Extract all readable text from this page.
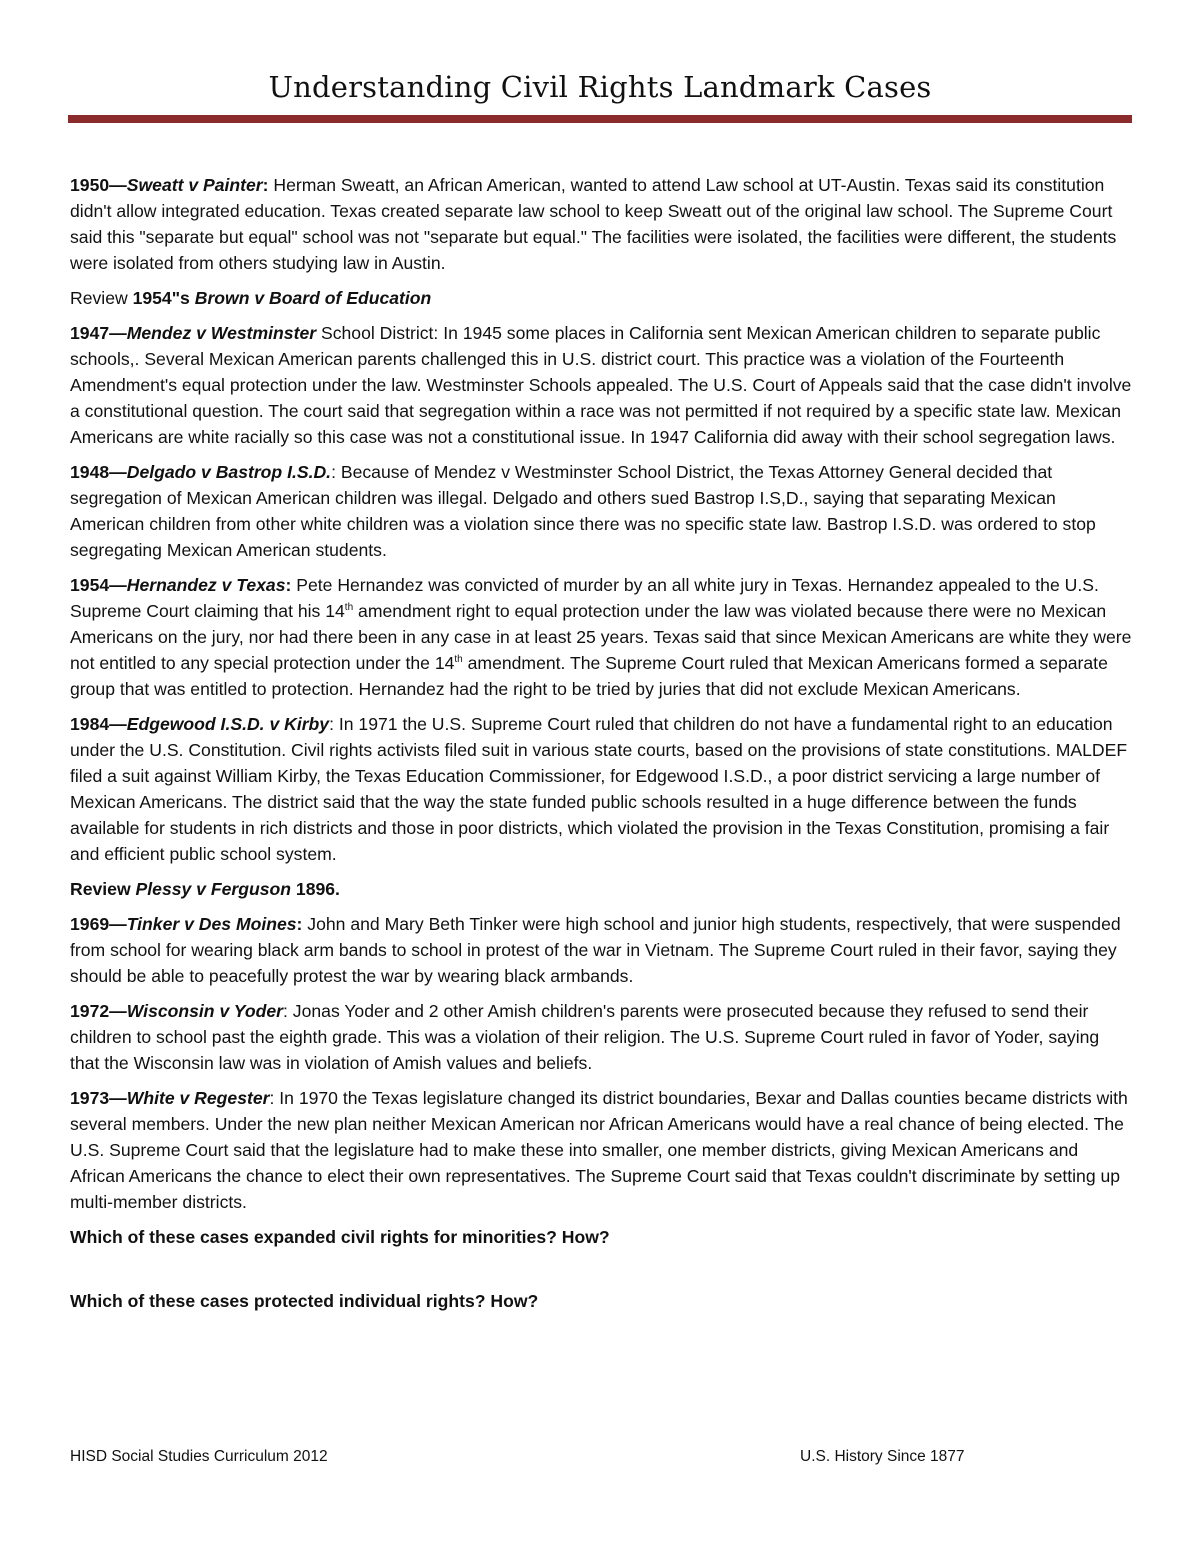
Understanding Civil Rights Landmark Cases

1950—Sweatt v Painter: Herman Sweatt, an African American, wanted to attend Law school at UT-Austin. Texas said its constitution didn't allow integrated education. Texas created separate law school to keep Sweatt out of the original law school. The Supreme Court said this "separate but equal" school was not "separate but equal." The facilities were isolated, the facilities were different, the students were isolated from others studying law in Austin.

Review 1954"s Brown v Board of Education

1947—Mendez v Westminster School District: In 1945 some places in California sent Mexican American children to separate public schools,. Several Mexican American parents challenged this in U.S. district court. This practice was a violation of the Fourteenth Amendment's equal protection under the law. Westminster Schools appealed. The U.S. Court of Appeals said that the case didn't involve a constitutional question. The court said that segregation within a race was not permitted if not required by a specific state law. Mexican Americans are white racially so this case was not a constitutional issue. In 1947 California did away with their school segregation laws.

1948—Delgado v Bastrop I.S.D.: Because of Mendez v Westminster School District, the Texas Attorney General decided that segregation of Mexican American children was illegal. Delgado and others sued Bastrop I.S,D., saying that separating Mexican American children from other white children was a violation since there was no specific state law. Bastrop I.S.D. was ordered to stop segregating Mexican American students.

1954—Hernandez v Texas: Pete Hernandez was convicted of murder by an all white jury in Texas. Hernandez appealed to the U.S. Supreme Court claiming that his 14th amendment right to equal protection under the law was violated because there were no Mexican Americans on the jury, nor had there been in any case in at least 25 years. Texas said that since Mexican Americans are white they were not entitled to any special protection under the 14th amendment. The Supreme Court ruled that Mexican Americans formed a separate group that was entitled to protection. Hernandez had the right to be tried by juries that did not exclude Mexican Americans.

1984—Edgewood I.S.D. v Kirby: In 1971 the U.S. Supreme Court ruled that children do not have a fundamental right to an education under the U.S. Constitution. Civil rights activists filed suit in various state courts, based on the provisions of state constitutions. MALDEF filed a suit against William Kirby, the Texas Education Commissioner, for Edgewood I.S.D., a poor district servicing a large number of Mexican Americans. The district said that the way the state funded public schools resulted in a huge difference between the funds available for students in rich districts and those in poor districts, which violated the provision in the Texas Constitution, promising a fair and efficient public school system.

Review Plessy v Ferguson 1896.

1969—Tinker v Des Moines: John and Mary Beth Tinker were high school and junior high students, respectively, that were suspended from school for wearing black arm bands to school in protest of the war in Vietnam. The Supreme Court ruled in their favor, saying they should be able to peacefully protest the war by wearing black armbands.

1972—Wisconsin v Yoder: Jonas Yoder and 2 other Amish children's parents were prosecuted because they refused to send their children to school past the eighth grade. This was a violation of their religion. The U.S. Supreme Court ruled in favor of Yoder, saying that the Wisconsin law was in violation of Amish values and beliefs.

1973—White v Regester: In 1970 the Texas legislature changed its district boundaries, Bexar and Dallas counties became districts with several members. Under the new plan neither Mexican American nor African Americans would have a real chance of being elected. The U.S. Supreme Court said that the legislature had to make these into smaller, one member districts, giving Mexican Americans and African Americans the chance to elect their own representatives. The Supreme Court said that Texas couldn't discriminate by setting up multi-member districts.

Which of these cases expanded civil rights for minorities? How?

Which of these cases protected individual rights? How?

HISD Social Studies Curriculum 2012	U.S. History Since 1877
